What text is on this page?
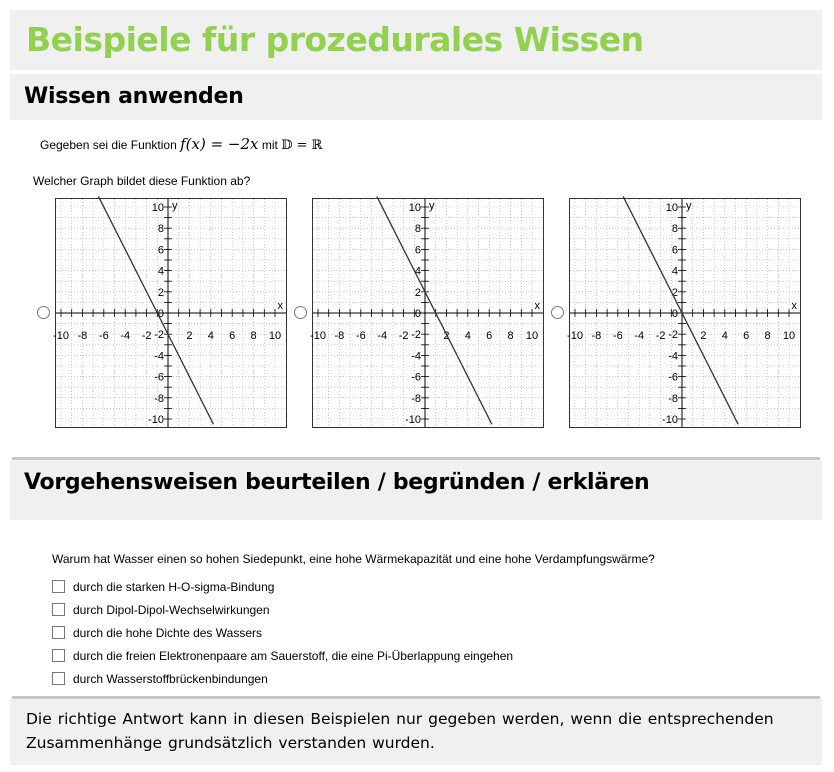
Beispiele für prozedurales Wissen
Wissen anwenden
Gegeben sei die Funktion f(x) = −2x mit 𝔻 = ℝ
Welcher Graph bildet diese Funktion ab?
-10 -8 -6 -4 -2	2 4 6 8 10
10
8
6
4
2
-2
-4
-6
-8
-10
0
x
y
-10 -8 -6 -4 -2	2 4 6 8 10
10
8
6
4
2
-2
-4
-6
-8
-10
0
x
y
-10 -8 -6 -4 -2	2 4 6 8 10
10
8
6
4
2
-2
-4
-6
-8
-10
0
x
y
Vorgehensweisen beurteilen / begründen / erklären

Warum hat Wasser einen so hohen Siedepunkt, eine hohe Wärmekapazität und eine hohe Verdampfungswärme?

durch die starken H-O-sigma-Bindung
durch Dipol-Dipol-Wechselwirkungen
durch die hohe Dichte des Wassers
durch die freien Elektronenpaare am Sauerstoff, die eine Pi-Überlappung eingehen
durch Wasserstoffbrückenbindungen
Die richtige Antwort kann in diesen Beispielen nur gegeben werden, wenn die entsprechenden Zusammenhänge grundsätzlich verstanden wurden.
